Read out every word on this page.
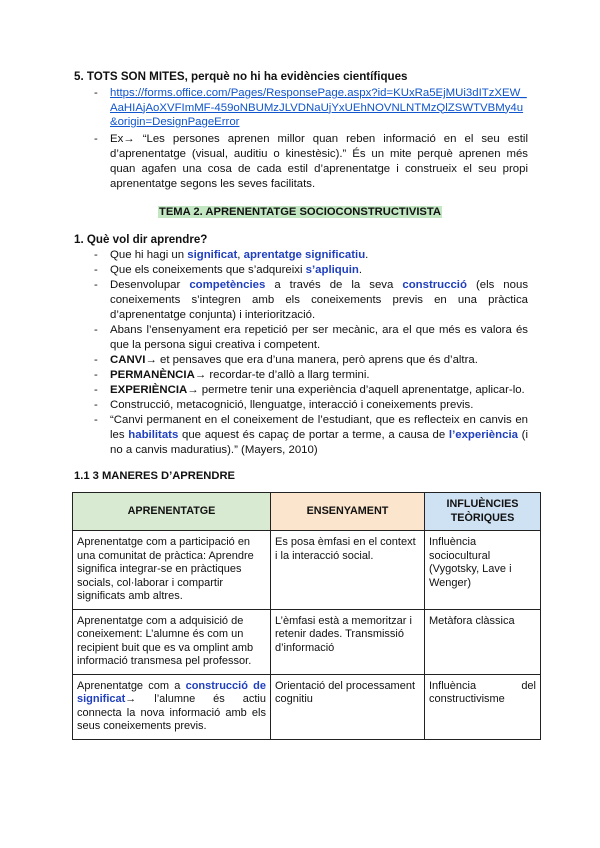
5. TOTS SON MITES, perquè no hi ha evidències científiques
- https://forms.office.com/Pages/ResponsePage.aspx?id=KUxRa5EjMUi3dITzXEW_AaHIAjAoXVFImMF-459oNBUMzJLVDNaUjYxUEhNOVNLNTMzQlZSWTVBMy4u&origin=DesignPageError
- Ex→ “Les persones aprenen millor quan reben informació en el seu estil d’aprenentatge (visual, auditiu o kinestèsic).” És un mite perquè aprenen més quan agafen una cosa de cada estil d’aprenentatge i construeix el seu propi aprenentatge segons les seves facilitats.
TEMA 2. APRENENTATGE SOCIOCONSTRUCTIVISTA
1. Què vol dir aprendre?
- Que hi hagi un significat, aprentatge significatiu.
- Que els coneixements que s’adqureixi s’apliquin.
- Desenvolupar competències a través de la seva construcció (els nous coneixements s’integren amb els coneixements previs en una pràctica d’aprenentatge conjunta) i interiorització.
- Abans l’ensenyament era repetició per ser mecànic, ara el que més es valora és que la persona sigui creativa i competent.
- CANVI→ et pensaves que era d’una manera, però aprens que és d’altra.
- PERMANÈNCIA→ recordar-te d’allò a llarg termini.
- EXPERIÈNCIA→ permetre tenir una experiència d’aquell aprenentatge, aplicar-lo.
- Construcció, metacognició, llenguatge, interacció i coneixements previs.
- “Canvi permanent en el coneixement de l’estudiant, que es reflecteix en canvis en les habilitats que aquest és capaç de portar a terme, a causa de l’experiència (i no a canvis maduratius).” (Mayers, 2010)
1.1 3 MANERES D’APRENDRE
APRENENTATGE	ENSENYAMENT	INFLUÈNCIES TEÒRIQUES
Aprenentatge com a participació en una comunitat de pràctica: Aprendre significa integrar-se en pràctiques socials, col·laborar i compartir significats amb altres.	Es posa èmfasi en el context i la interacció social.	Influència sociocultural (Vygotsky, Lave i Wenger)
Aprenentatge com a adquisició de coneixement: L’alumne és com un recipient buit que es va omplint amb informació transmesa pel professor.	L’èmfasi està a memoritzar i retenir dades. Transmissió d’informació	Metàfora clàssica
Aprenentatge com a construcció de significat→ l’alumne és actiu connecta la nova informació amb els seus coneixements previs.	Orientació del processament cognitiu	Influència del constructivisme
